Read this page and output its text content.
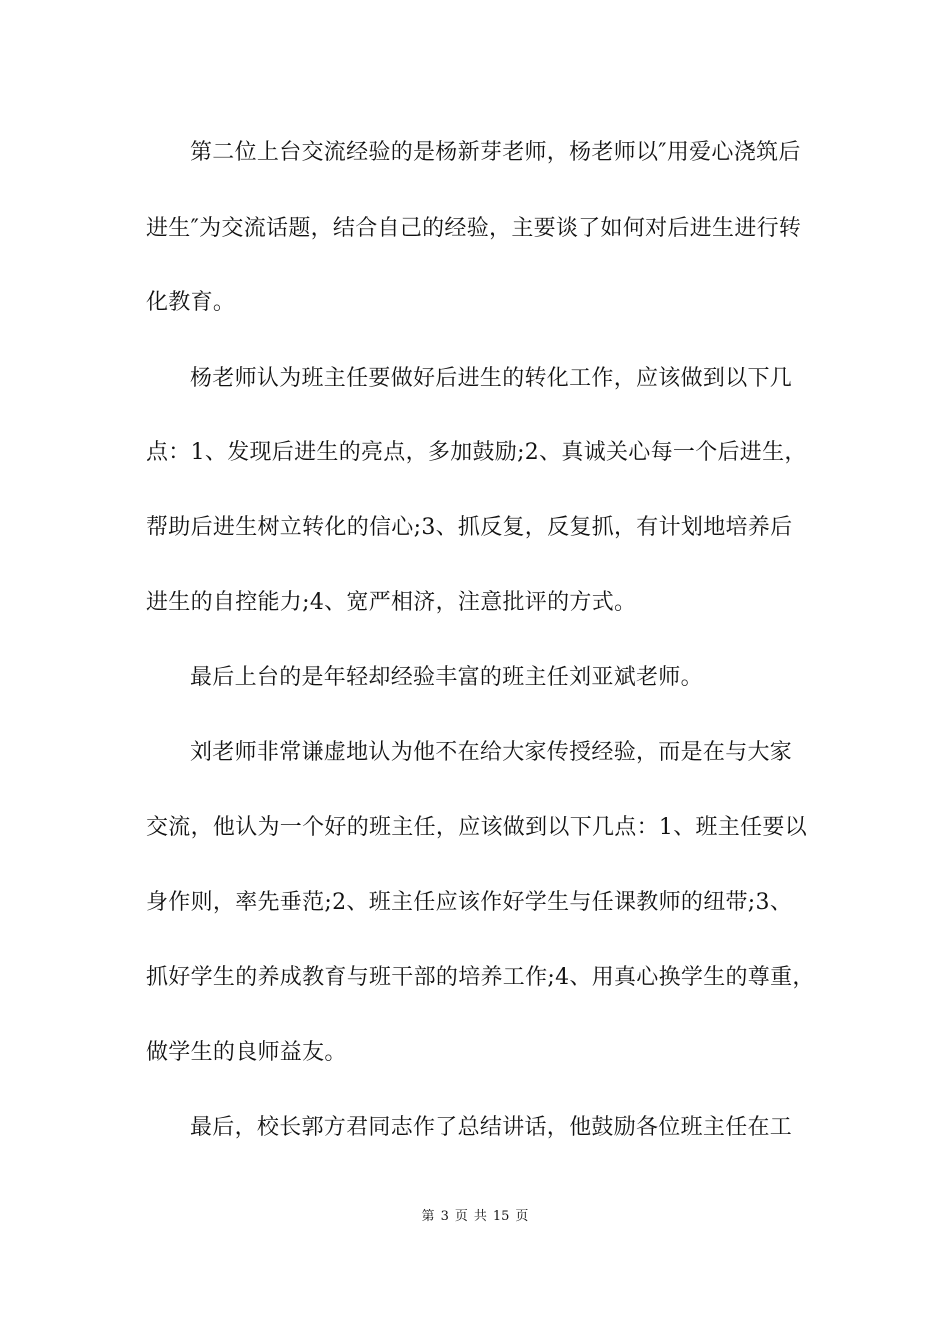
第二位上台交流经验的是杨新芽老师，杨老师以″用爱心浇筑后
进生″为交流话题，结合自己的经验，主要谈了如何对后进生进行转
化教育。
杨老师认为班主任要做好后进生的转化工作，应该做到以下几
点：1、发现后进生的亮点，多加鼓励;2、真诚关心每一个后进生，
帮助后进生树立转化的信心;3、抓反复，反复抓，有计划地培养后
进生的自控能力;4、宽严相济，注意批评的方式。
最后上台的是年轻却经验丰富的班主任刘亚斌老师。
刘老师非常谦虚地认为他不在给大家传授经验，而是在与大家
交流，他认为一个好的班主任，应该做到以下几点：1、班主任要以
身作则，率先垂范;2、班主任应该作好学生与任课教师的纽带;3、
抓好学生的养成教育与班干部的培养工作;4、用真心换学生的尊重，
做学生的良师益友。
最后，校长郭方君同志作了总结讲话，他鼓励各位班主任在工
第 3 页 共 15 页
